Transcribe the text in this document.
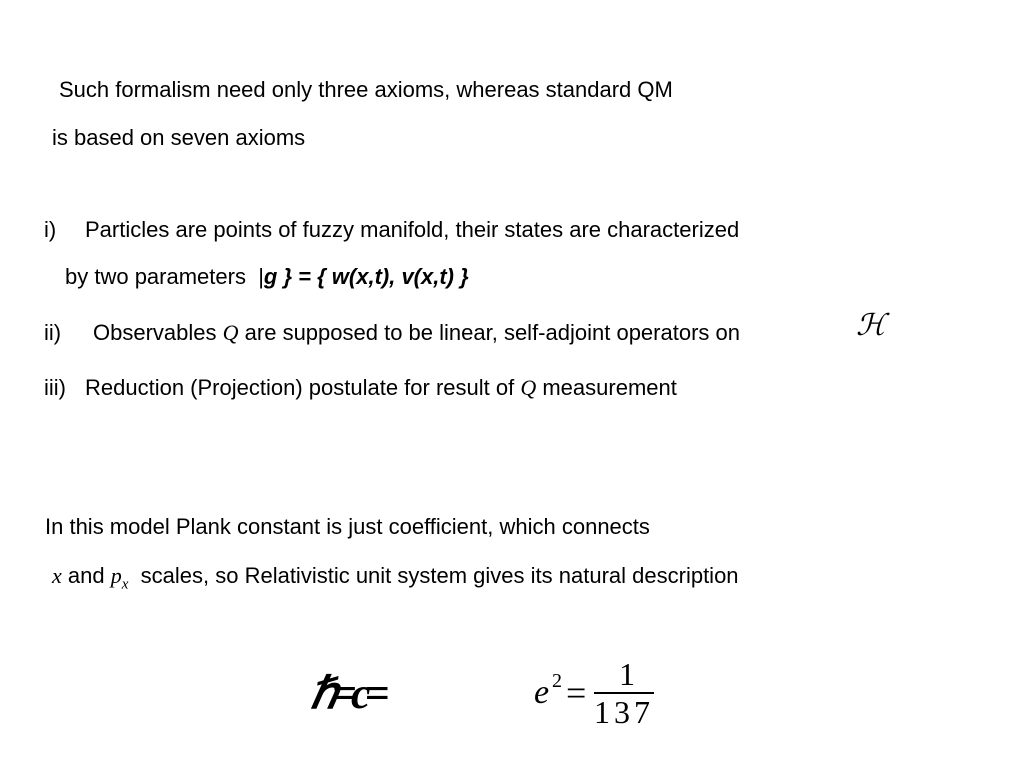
Such formalism need only three axioms, whereas standard QM
is based on seven axioms
i) Particles are points of fuzzy manifold, their states are characterized
by two parameters |g } = { w(x,t), v(x,t) }
ii) Observables Q are supposed to be linear, self-adjoint operators on	ℋ
iii) Reduction (Projection) postulate for result of Q measurement
In this model Plank constant is just coefficient, which connects
x and $p_x$ scales, so Relativistic unit system gives its natural description
ℏ=c=	e 2 =	1
137
